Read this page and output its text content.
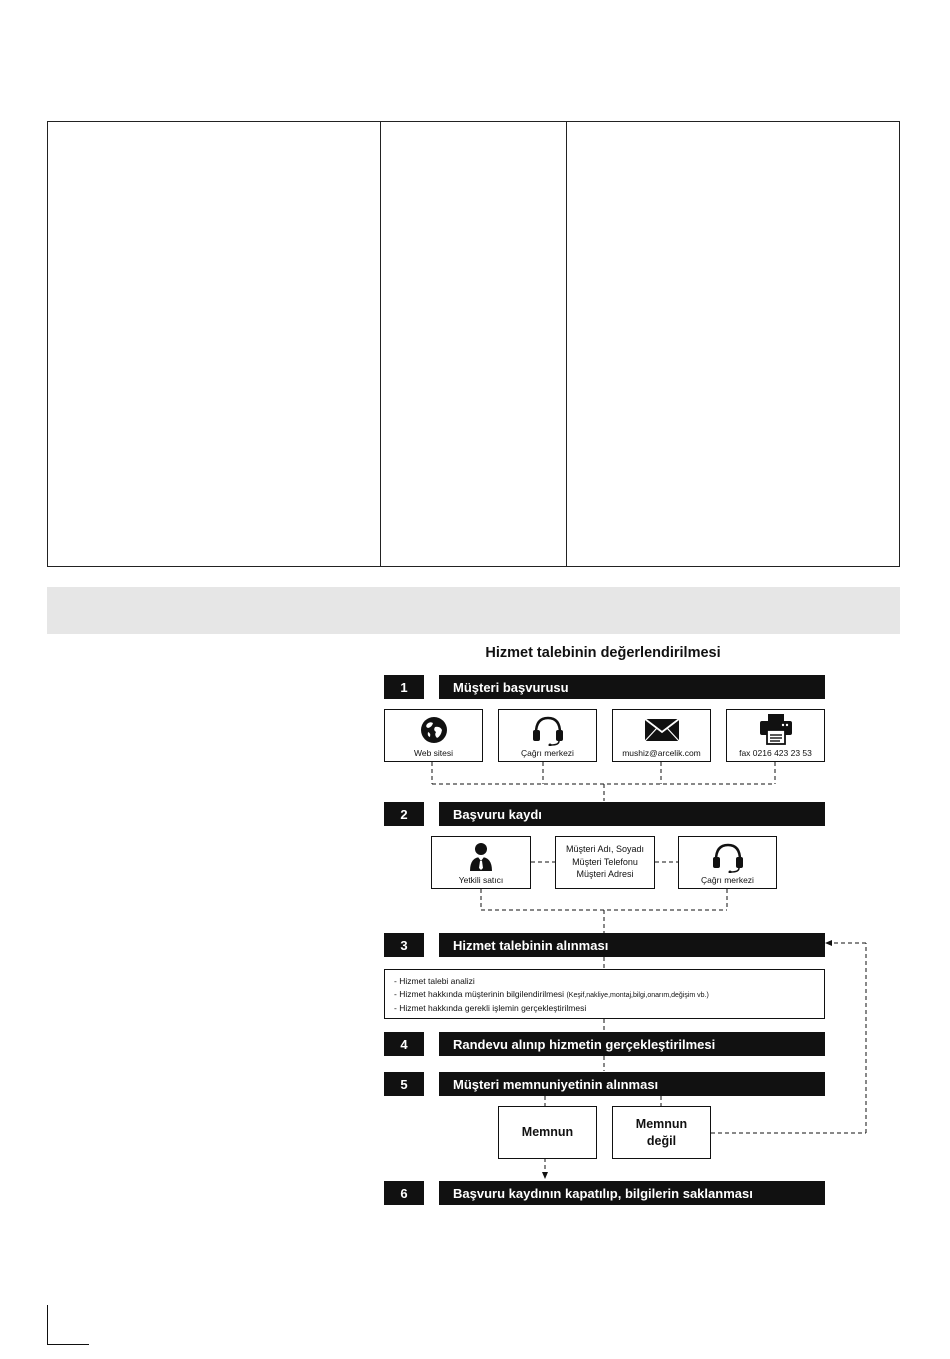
Hizmet talebinin değerlendirilmesi
1	Müşteri başvurusu
Web sitesi	Çağrı merkezi	mushiz@arcelik.com	fax 0216 423 23 53
2	Başvuru kaydı
Yetkili satıcı
Müşteri Adı, Soyadı
Müşteri Telefonu
Müşteri Adresi
Çağrı merkezi
3	Hizmet talebinin alınması
- Hizmet talebi analizi
- Hizmet hakkında müşterinin bilgilendirilmesi (Keşif,nakliye,montaj,bilgi,onarım,değişim vb.)
- Hizmet hakkında gerekli işlemin gerçekleştirilmesi
4	Randevu alınıp hizmetin gerçekleştirilmesi
5	Müşteri memnuniyetinin alınması
Memnun
Memnun
değil
6	Başvuru kaydının kapatılıp, bilgilerin saklanması
